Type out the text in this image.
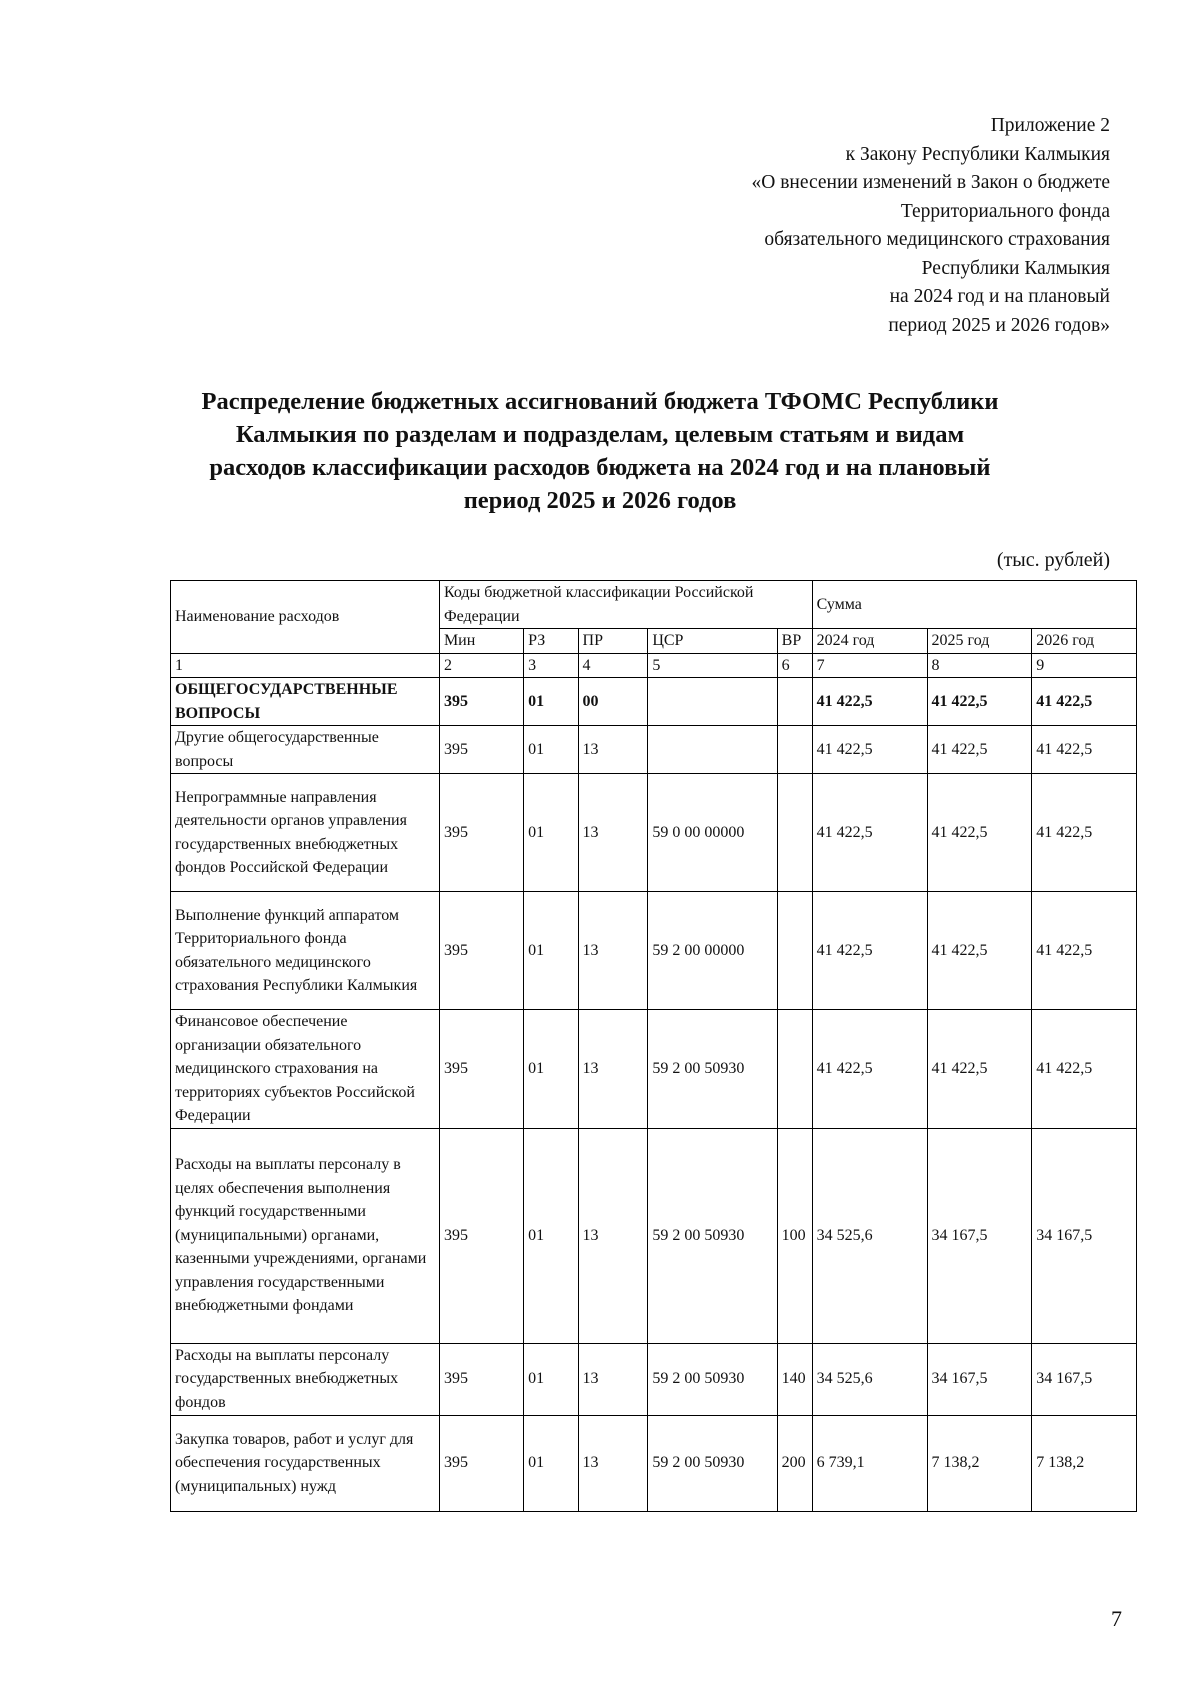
Приложение 2
к Закону Республики Калмыкия
«О внесении изменений в Закон о бюджете
Территориального фонда
обязательного медицинского страхования
Республики Калмыкия
на 2024 год и на плановый
период 2025 и 2026 годов»
Распределение бюджетных ассигнований бюджета ТФОМС Республики
Калмыкия по разделам и подразделам, целевым статьям и видам
расходов классификации расходов бюджета на 2024 год и на плановый
период 2025 и 2026 годов
(тыс. рублей)
Наименование расходов	Коды бюджетной классификации Российской Федерации					Сумма		
	Мин	РЗ	ПР	ЦСР	ВР	2024 год	2025 год	2026 год
1	2	3	4	5	6	7	8	9
ОБЩЕГОСУДАРСТВЕННЫЕ ВОПРОСЫ	395	01	00			41 422,5	41 422,5	41 422,5
Другие общегосударственные вопросы	395	01	13			41 422,5	41 422,5	41 422,5
Непрограммные направления деятельности органов управления государственных внебюджетных фондов Российской Федерации	395	01	13	59 0 00 00000		41 422,5	41 422,5	41 422,5
Выполнение функций аппаратом Территориального фонда обязательного медицинского страхования Республики Калмыкия	395	01	13	59 2 00 00000		41 422,5	41 422,5	41 422,5
Финансовое обеспечение организации обязательного медицинского страхования на территориях субъектов Российской Федерации	395	01	13	59 2 00 50930		41 422,5	41 422,5	41 422,5
Расходы на выплаты персоналу в целях обеспечения выполнения функций государственными (муниципальными) органами, казенными учреждениями, органами управления государственными внебюджетными фондами	395	01	13	59 2 00 50930	100	34 525,6	34 167,5	34 167,5
Расходы на выплаты персоналу государственных внебюджетных фондов	395	01	13	59 2 00 50930	140	34 525,6	34 167,5	34 167,5
Закупка товаров, работ и услуг для обеспечения государственных (муниципальных) нужд	395	01	13	59 2 00 50930	200	6 739,1	7 138,2	7 138,2
7
